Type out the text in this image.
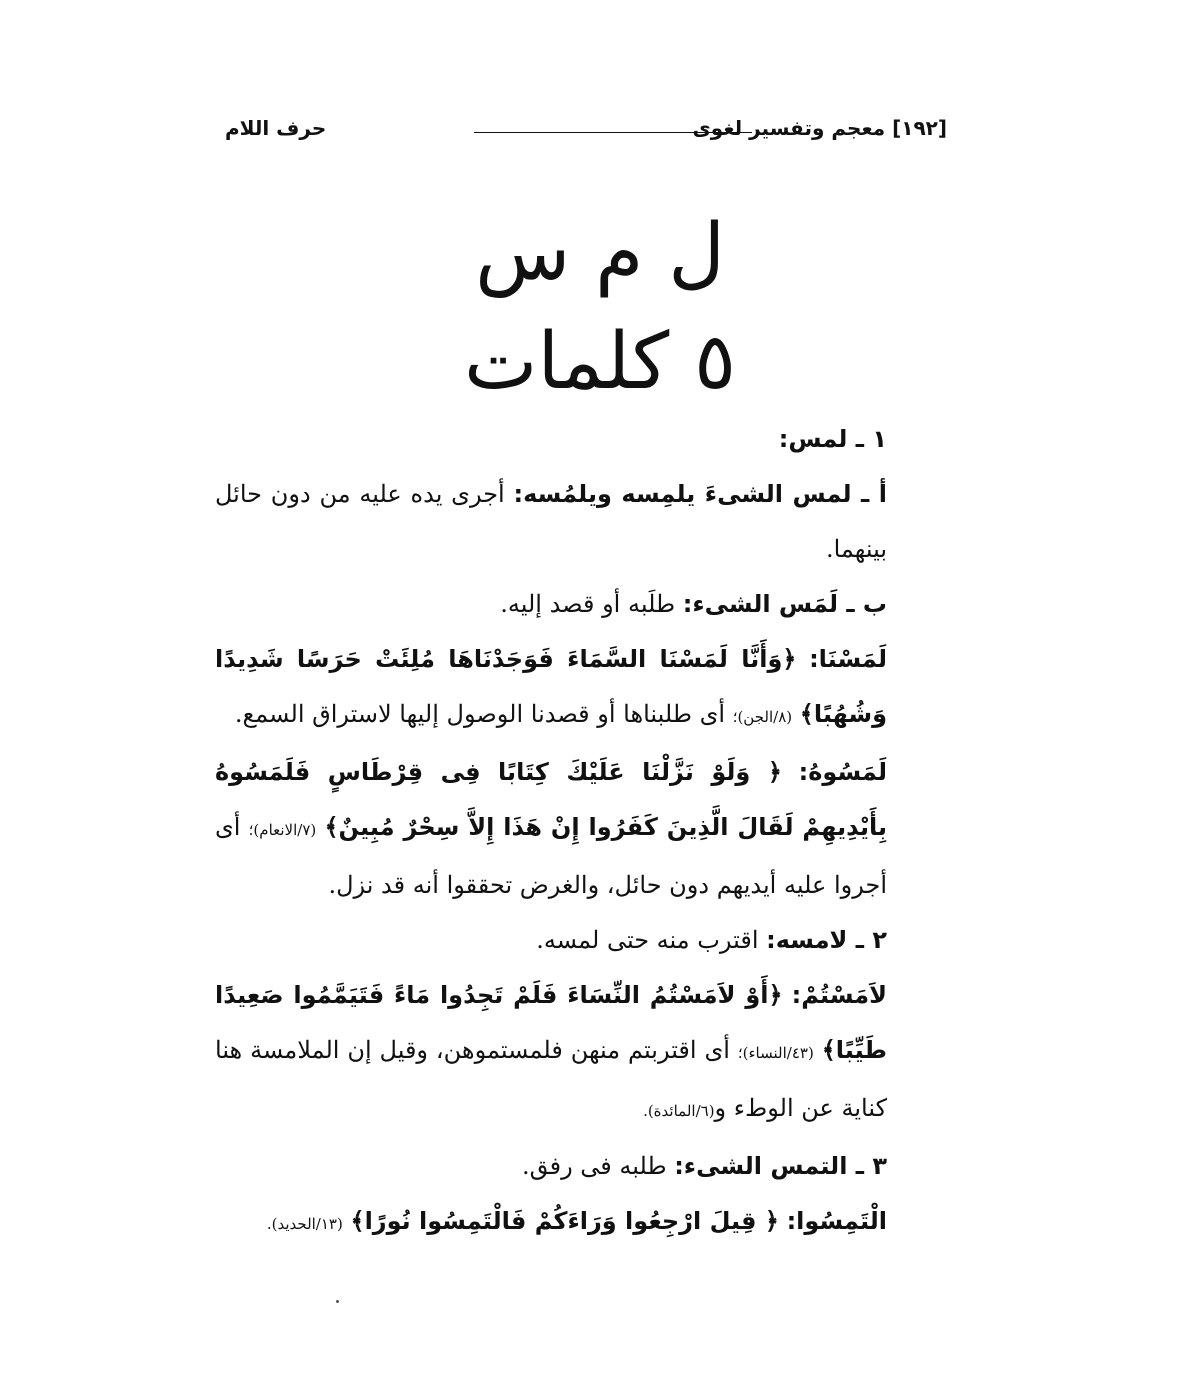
[١٩٢] معجم وتفسير لغوى
حرف اللام
ل م س
٥ كلمات

١ ـ لمس:

أ ـ لمس الشىءَ يلمِسه ويلمُسه: أجرى يده عليه من دون حائل بينهما.

ب ـ لَمَس الشىء: طلَبه أو قصد إليه.

لَمَسْنَا: ﴿وَأَنَّا لَمَسْنَا السَّمَاءَ فَوَجَدْنَاهَا مُلِئَتْ حَرَسًا شَدِيدًا وَشُهُبًا﴾ (٨/الجن)؛ أى طلبناها أو قصدنا الوصول إليها لاستراق السمع.

لَمَسُوهُ: ﴿ وَلَوْ نَزَّلْنَا عَلَيْكَ كِتَابًا فِى قِرْطَاسٍ فَلَمَسُوهُ بِأَيْدِيهِمْ لَقَالَ الَّذِينَ كَفَرُوا إِنْ هَذَا إِلاَّ سِحْرٌ مُبِينٌ﴾ (٧/الانعام)؛ أى أجروا عليه أيديهم دون حائل، والغرض تحققوا أنه قد نزل.

٢ ـ لامسه: اقترب منه حتى لمسه.

لاَمَسْتُمْ: ﴿أَوْ لاَمَسْتُمُ النِّسَاءَ فَلَمْ تَجِدُوا مَاءً فَتَيَمَّمُوا صَعِيدًا طَيِّبًا﴾ (٤٣/النساء)؛ أى اقتربتم منهن فلمستموهن، وقيل إن الملامسة هنا كناية عن الوطء و(٦/المائدة).

٣ ـ التمس الشىء: طلبه فى رفق.

الْتَمِسُوا: ﴿ قِيلَ ارْجِعُوا وَرَاءَكُمْ فَالْتَمِسُوا نُورًا﴾ (١٣/الحديد).
